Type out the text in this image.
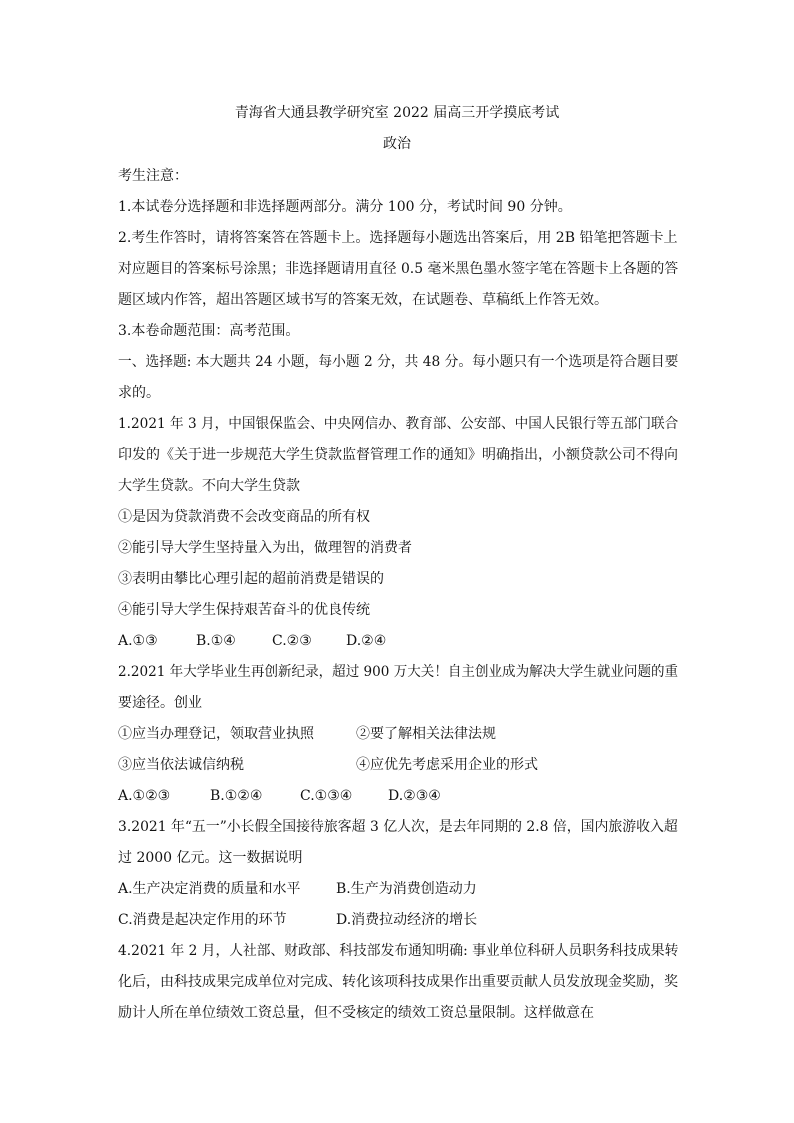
青海省大通县教学研究室 2022 届高三开学摸底考试
政治
考生注意：
1.本试卷分选择题和非选择题两部分。满分 100 分，考试时间 90 分钟。
2.考生作答时，请将答案答在答题卡上。选择题每小题选出答案后，用 2B 铅笔把答题卡上
对应题目的答案标号涂黑；非选择题请用直径 0.5 毫米黑色墨水签字笔在答题卡上各题的答
题区域内作答，超出答题区域书写的答案无效，在试题卷、草稿纸上作答无效。
3.本卷命题范围：高考范围。
一、选择题: 本大题共 24 小题，每小题 2 分，共 48 分。每小题只有一个选项是符合题目要
求的。
1.2021 年 3 月，中国银保监会、中央网信办、教育部、公安部、中国人民银行等五部门联合
印发的《关于进一步规范大学生贷款监督管理工作的通知》明确指出，小额贷款公司不得向
大学生贷款。不向大学生贷款
①是因为贷款消费不会改变商品的所有权
②能引导大学生坚持量入为出，做理智的消费者
③表明由攀比心理引起的超前消费是错误的
④能引导大学生保持艰苦奋斗的优良传统
A.①③	B.①④	C.②③ D.②④
2.2021 年大学毕业生再创新纪录，超过 900 万大关！自主创业成为解决大学生就业问题的重
要途径。创业
①应当办理登记，领取营业执照	②要了解相关法律法规
③应当依法诚信纳税	④应优先考虑采用企业的形式
A.①②③	B.①②④	C.①③④	D.②③④
3.2021 年“五一”小长假全国接待旅客超 3 亿人次，是去年同期的 2.8 倍，国内旅游收入超
过 2000 亿元。这一数据说明
A.生产决定消费的质量和水平	B.生产为消费创造动力
C.消费是起决定作用的环节	D.消费拉动经济的增长
4.2021 年 2 月，人社部、财政部、科技部发布通知明确: 事业单位科研人员职务科技成果转
化后，由科技成果完成单位对完成、转化该项科技成果作出重要贡献人员发放现金奖励，奖
励计人所在单位绩效工资总量，但不受核定的绩效工资总量限制。这样做意在
